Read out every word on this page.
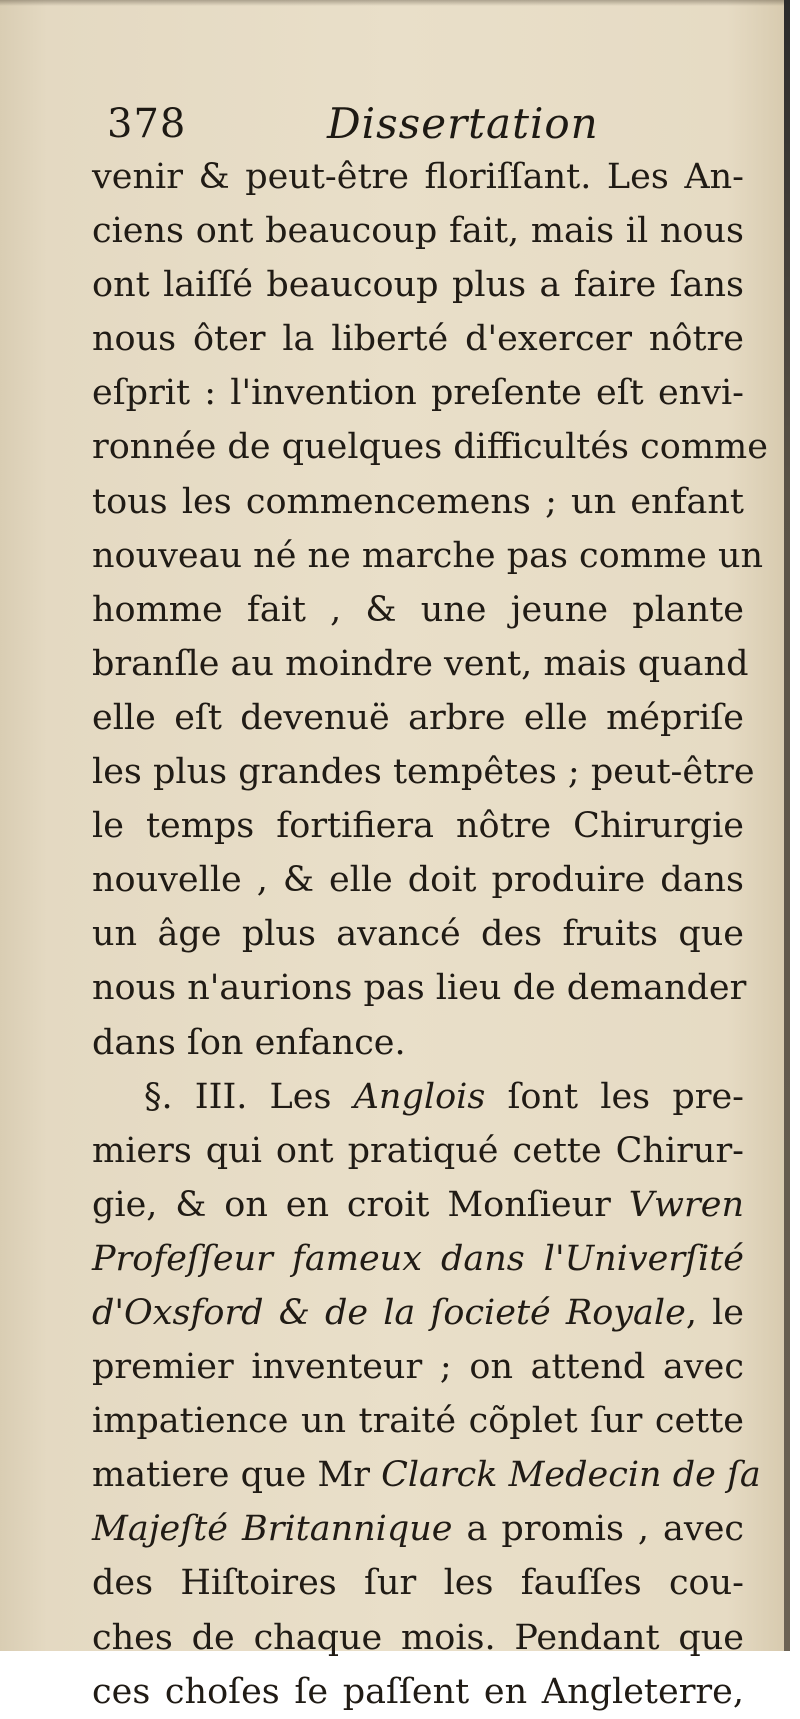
378	Dissertation
venir & peut-être floriſſant. Les An-
ciens ont beaucoup fait, mais il nous
ont laiſſé beaucoup plus a faire ſans
nous ôter la liberté d'exercer nôtre
eſprit : l'invention preſente eſt envi-
ronnée de quelques difficultés comme
tous les commencemens ; un enfant
nouveau né ne marche pas comme un
homme fait , & une jeune plante
branſle au moindre vent, mais quand
elle eſt devenuë arbre elle mépriſe
les plus grandes tempêtes ; peut-être
le temps fortifiera nôtre Chirurgie
nouvelle , & elle doit produire dans
un âge plus avancé des fruits que
nous n'aurions pas lieu de demander
dans ſon enfance.
§. III. Les Anglois ſont les pre-
miers qui ont pratiqué cette Chirur-
gie, & on en croit Monſieur Vwren
Profeſſeur fameux dans l'Univerſité
d'Oxsford & de la ſocieté Royale, le
premier inventeur ; on attend avec
impatience un traité cõplet ſur cette
matiere que Mr Clarck Medecin de ſa
Majeſté Britannique a promis , avec
des Hiſtoires ſur les fauſſes cou-
ches de chaque mois. Pendant que
ces choſes ſe paſſent en Angleterre,
